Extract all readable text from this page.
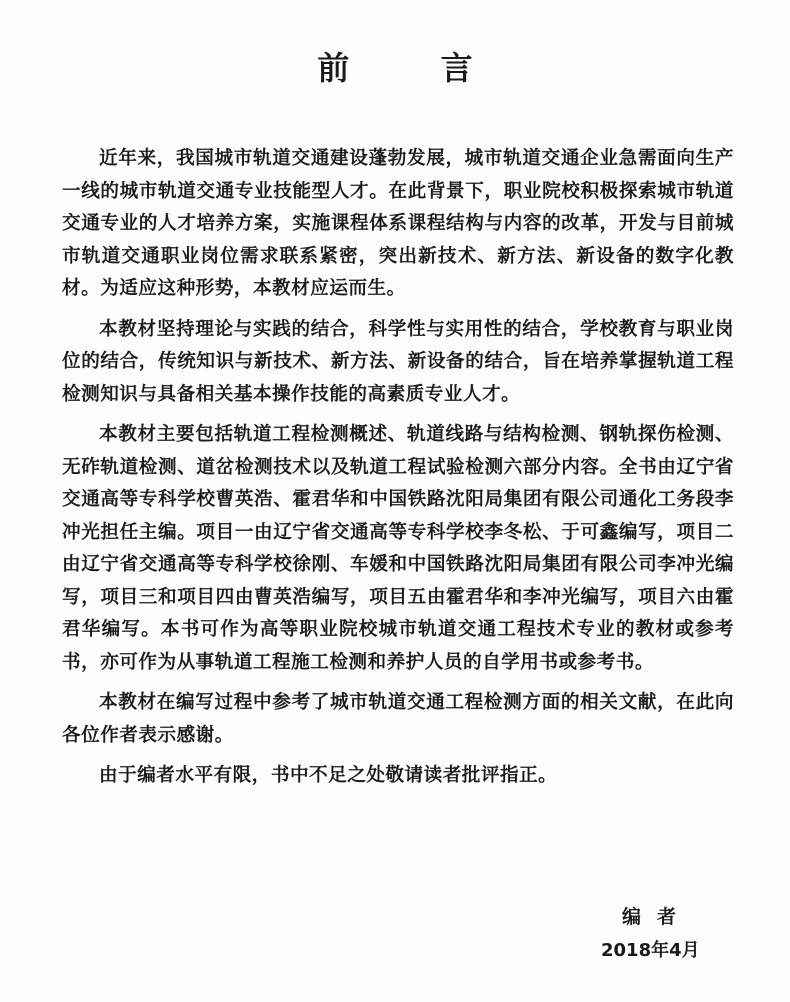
前 言

近年来，我国城市轨道交通建设蓬勃发展，城市轨道交通企业急需面向生产一线的城市轨道交通专业技能型人才。在此背景下，职业院校积极探索城市轨道交通专业的人才培养方案，实施课程体系课程结构与内容的改革，开发与目前城市轨道交通职业岗位需求联系紧密，突出新技术、新方法、新设备的数字化教材。为适应这种形势，本教材应运而生。

本教材坚持理论与实践的结合，科学性与实用性的结合，学校教育与职业岗位的结合，传统知识与新技术、新方法、新设备的结合，旨在培养掌握轨道工程检测知识与具备相关基本操作技能的高素质专业人才。

本教材主要包括轨道工程检测概述、轨道线路与结构检测、钢轨探伤检测、无砟轨道检测、道岔检测技术以及轨道工程试验检测六部分内容。全书由辽宁省交通高等专科学校曹英浩、霍君华和中国铁路沈阳局集团有限公司通化工务段李冲光担任主编。项目一由辽宁省交通高等专科学校李冬松、于可鑫编写，项目二由辽宁省交通高等专科学校徐刚、车媛和中国铁路沈阳局集团有限公司李冲光编写，项目三和项目四由曹英浩编写，项目五由霍君华和李冲光编写，项目六由霍君华编写。本书可作为高等职业院校城市轨道交通工程技术专业的教材或参考书，亦可作为从事轨道工程施工检测和养护人员的自学用书或参考书。

本教材在编写过程中参考了城市轨道交通工程检测方面的相关文献，在此向各位作者表示感谢。

由于编者水平有限，书中不足之处敬请读者批评指正。

编者
2018年4月
